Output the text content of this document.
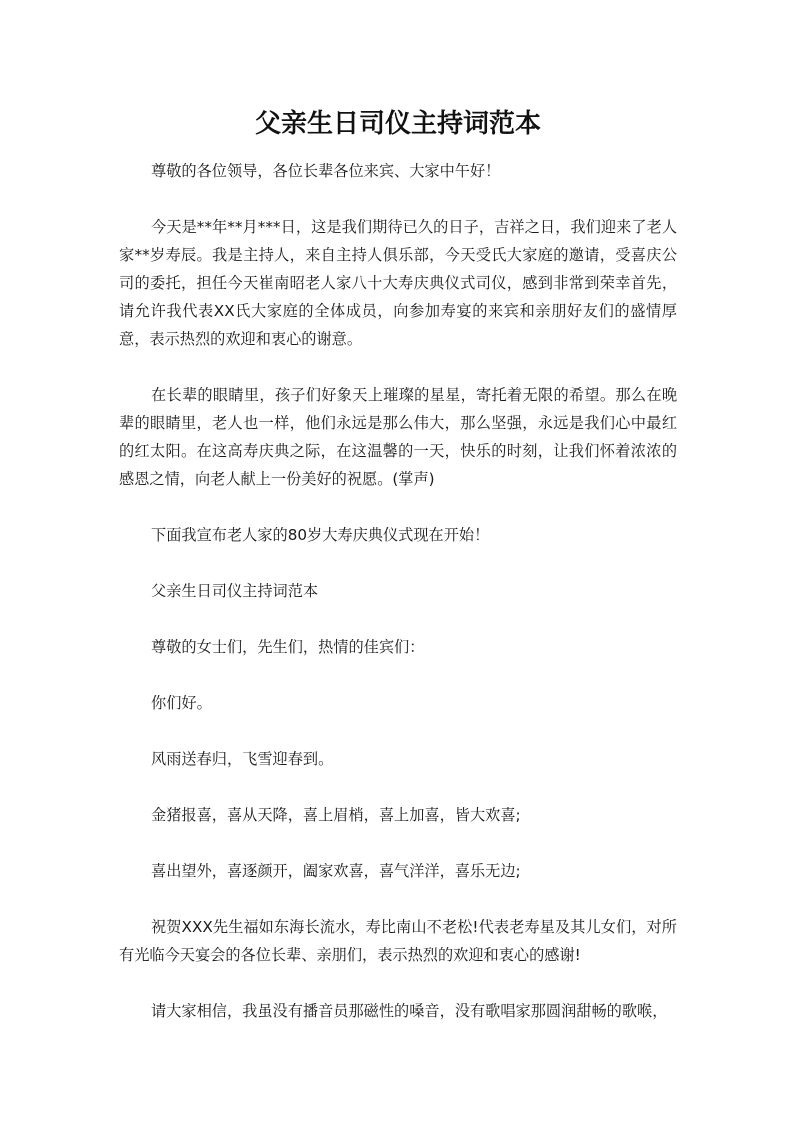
父亲生日司仪主持词范本

尊敬的各位领导，各位长辈各位来宾、大家中午好！

今天是**年**月***日，这是我们期待已久的日子，吉祥之日，我们迎来了老人家**岁寿辰。我是主持人，来自主持人俱乐部，今天受氏大家庭的邀请，受喜庆公司的委托，担任今天崔南昭老人家八十大寿庆典仪式司仪，感到非常到荣幸首先，请允许我代表XX氏大家庭的全体成员，向参加寿宴的来宾和亲朋好友们的盛情厚意，表示热烈的欢迎和衷心的谢意。

在长辈的眼睛里，孩子们好象天上璀璨的星星，寄托着无限的希望。那么在晚辈的眼睛里，老人也一样，他们永远是那么伟大，那么坚强，永远是我们心中最红的红太阳。在这高寿庆典之际，在这温馨的一天，快乐的时刻，让我们怀着浓浓的感恩之情，向老人献上一份美好的祝愿。(掌声)

下面我宣布老人家的80岁大寿庆典仪式现在开始！

父亲生日司仪主持词范本

尊敬的女士们，先生们，热情的佳宾们：

你们好。

风雨送春归，飞雪迎春到。

金猪报喜，喜从天降，喜上眉梢，喜上加喜，皆大欢喜;

喜出望外，喜逐颜开，阖家欢喜，喜气洋洋，喜乐无边;

祝贺XXX先生福如东海长流水，寿比南山不老松!代表老寿星及其儿女们，对所有光临今天宴会的各位长辈、亲朋们，表示热烈的欢迎和衷心的感谢!

请大家相信，我虽没有播音员那磁性的嗓音，没有歌唱家那圆润甜畅的歌喉，
